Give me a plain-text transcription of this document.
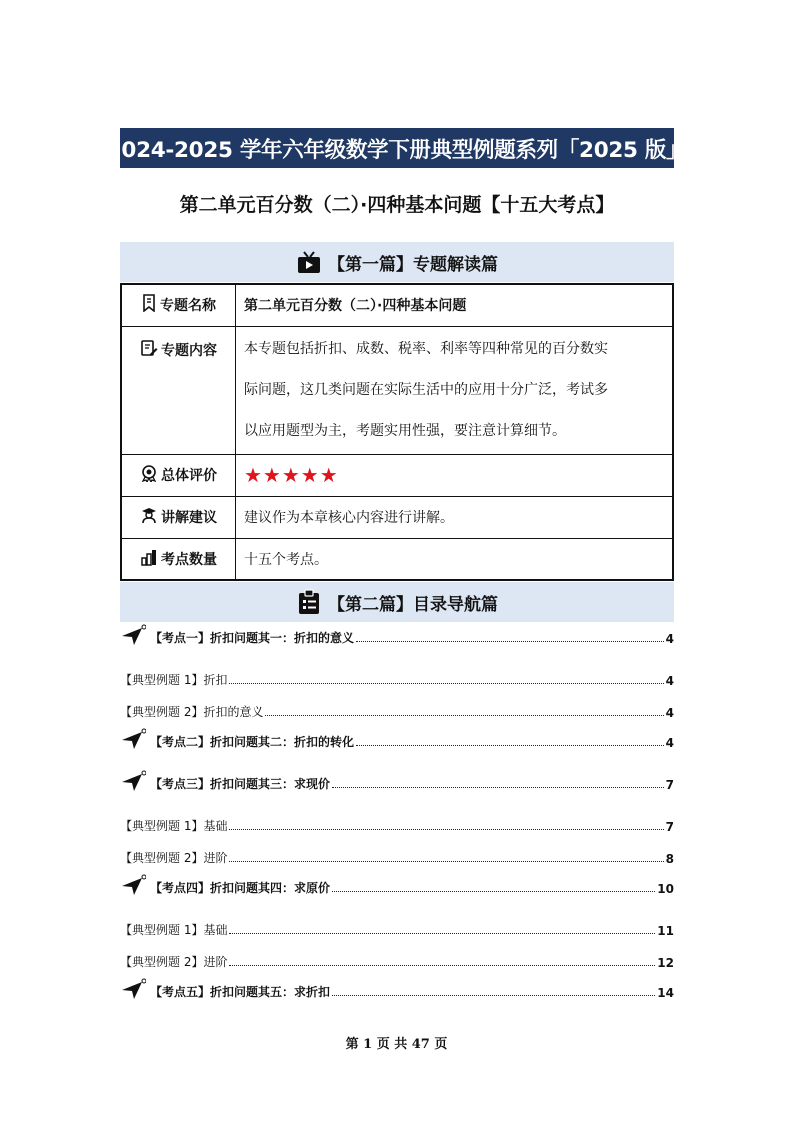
2024-2025 学年六年级数学下册典型例题系列「2025 版」
第二单元百分数（二）·四种基本问题【十五大考点】
【第一篇】专题解读篇
专题名称	第二单元百分数（二）·四种基本问题

专题内容	本专题包括折扣、成数、税率、利率等四种常见的百分数实
际问题，这几类问题在实际生活中的应用十分广泛，考试多
以应用题型为主，考题实用性强，要注意计算细节。

总体评价	★★★★★

讲解建议	建议作为本章核心内容进行讲解。

考点数量	十五个考点。
【第二篇】目录导航篇
【考点一】折扣问题其一：折扣的意义	4
【典型例题 1】折扣	4
【典型例题 2】折扣的意义	4
【考点二】折扣问题其二：折扣的转化	4
【考点三】折扣问题其三：求现价	7
【典型例题 1】基础	7
【典型例题 2】进阶	8
【考点四】折扣问题其四：求原价	10
【典型例题 1】基础	11
【典型例题 2】进阶	12
【考点五】折扣问题其五：求折扣	14
第 1 页 共 47 页
